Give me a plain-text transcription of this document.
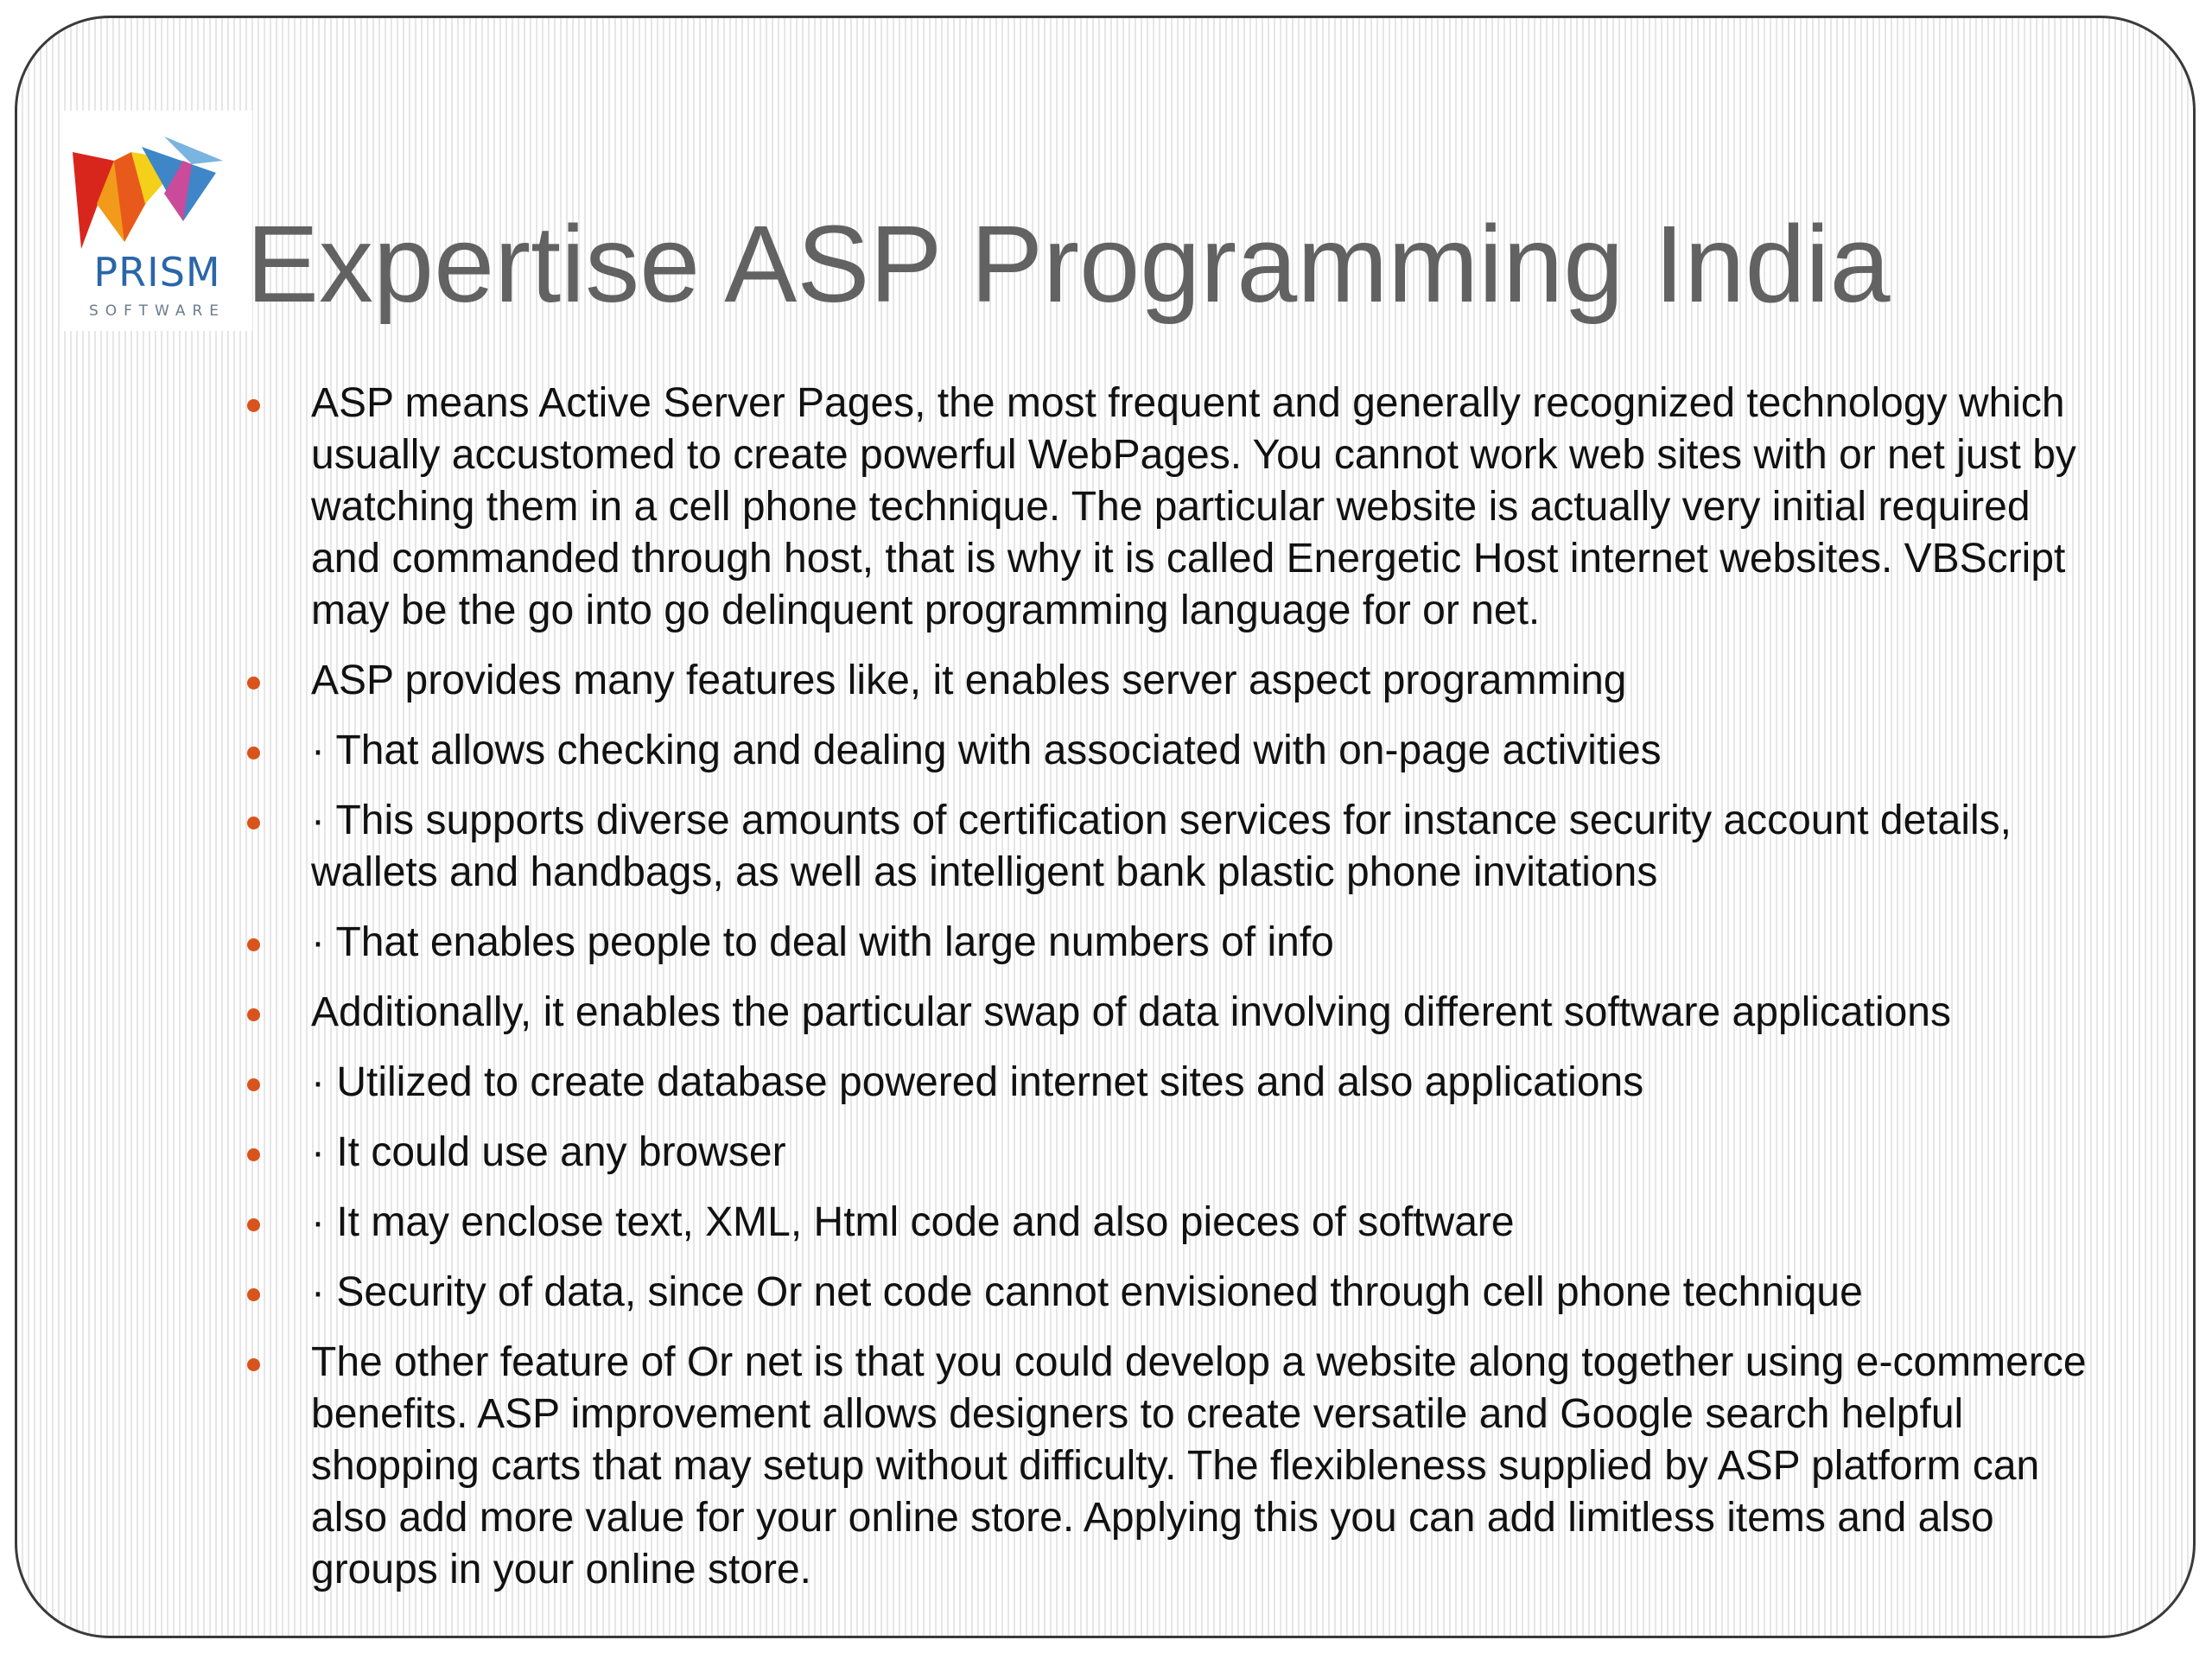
PRISM
SOFTWARE Expertise ASP Programming India
ASP means Active Server Pages, the most frequent and generally recognized technology which usually accustomed to create powerful WebPages. You cannot work web sites with or net just by watching them in a cell phone technique. The particular website is actually very initial required and commanded through host, that is why it is called Energetic Host internet websites. VBScript may be the go into go delinquent programming language for or net.
ASP provides many features like, it enables server aspect programming
· That allows checking and dealing with associated with on-page activities
· This supports diverse amounts of certification services for instance security account details, wallets and handbags, as well as intelligent bank plastic phone invitations
· That enables people to deal with large numbers of info
Additionally, it enables the particular swap of data involving different software applications
· Utilized to create database powered internet sites and also applications
· It could use any browser
· It may enclose text, XML, Html code and also pieces of software
· Security of data, since Or net code cannot envisioned through cell phone technique
The other feature of Or net is that you could develop a website along together using e-commerce benefits. ASP improvement allows designers to create versatile and Google search helpful shopping carts that may setup without difficulty. The flexibleness supplied by ASP platform can also add more value for your online store. Applying this you can add limitless items and also groups in your online store.
